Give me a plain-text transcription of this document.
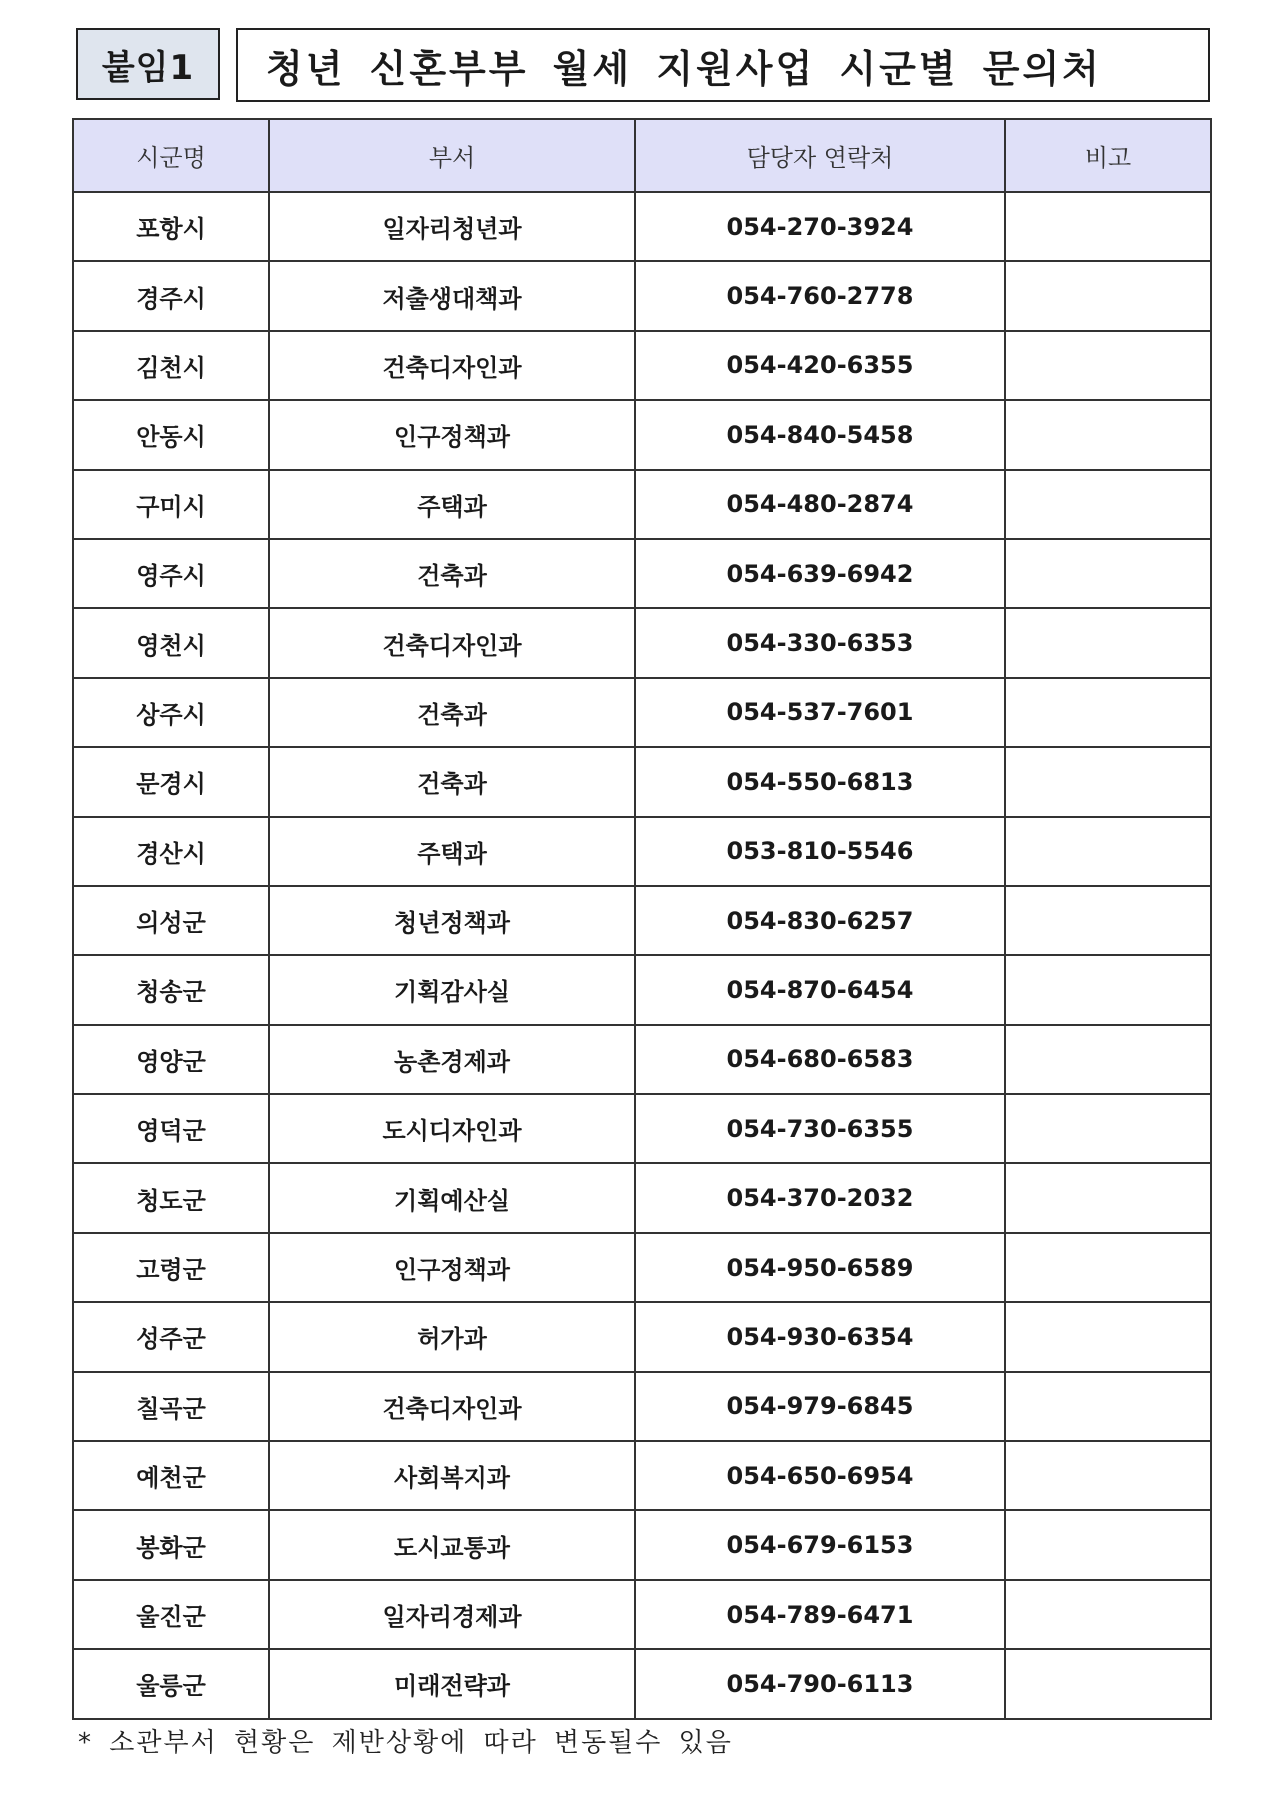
붙임1	청년 신혼부부 월세 지원사업 시군별 문의처
시군명	부서	담당자 연락처	비고
포항시	일자리청년과	054-270-3924	
경주시	저출생대책과	054-760-2778	
김천시	건축디자인과	054-420-6355	
안동시	인구정책과	054-840-5458	
구미시	주택과	054-480-2874	
영주시	건축과	054-639-6942	
영천시	건축디자인과	054-330-6353	
상주시	건축과	054-537-7601	
문경시	건축과	054-550-6813	
경산시	주택과	053-810-5546	
의성군	청년정책과	054-830-6257	
청송군	기획감사실	054-870-6454	
영양군	농촌경제과	054-680-6583	
영덕군	도시디자인과	054-730-6355	
청도군	기획예산실	054-370-2032	
고령군	인구정책과	054-950-6589	
성주군	허가과	054-930-6354	
칠곡군	건축디자인과	054-979-6845	
예천군	사회복지과	054-650-6954	
봉화군	도시교통과	054-679-6153	
울진군	일자리경제과	054-789-6471	
울릉군	미래전략과	054-790-6113	
* 소관부서 현황은 제반상황에 따라 변동될수 있음
